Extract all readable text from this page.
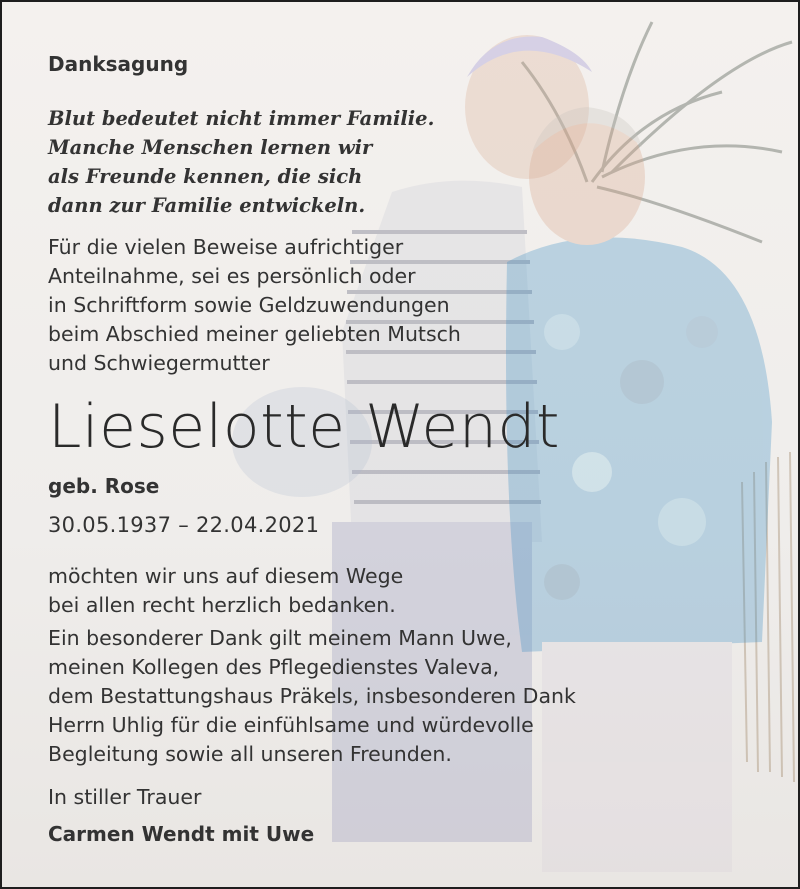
Danksagung
Blut bedeutet nicht immer Familie.
Manche Menschen lernen wir
als Freunde kennen, die sich
dann zur Familie entwickeln.
Für die vielen Beweise aufrichtiger
Anteilnahme, sei es persönlich oder
in Schriftform sowie Geldzuwendungen
beim Abschied meiner geliebten Mutsch
und Schwiegermutter
Lieselotte Wendt
geb. Rose
30.05.1937 – 22.04.2021
möchten wir uns auf diesem Wege
bei allen recht herzlich bedanken.
Ein besonderer Dank gilt meinem Mann Uwe,
meinen Kollegen des Pflegedienstes Valeva,
dem Bestattungshaus Präkels, insbesonderen Dank
Herrn Uhlig für die einfühlsame und würdevolle
Begleitung sowie all unseren Freunden.
In stiller Trauer
Carmen Wendt mit Uwe
